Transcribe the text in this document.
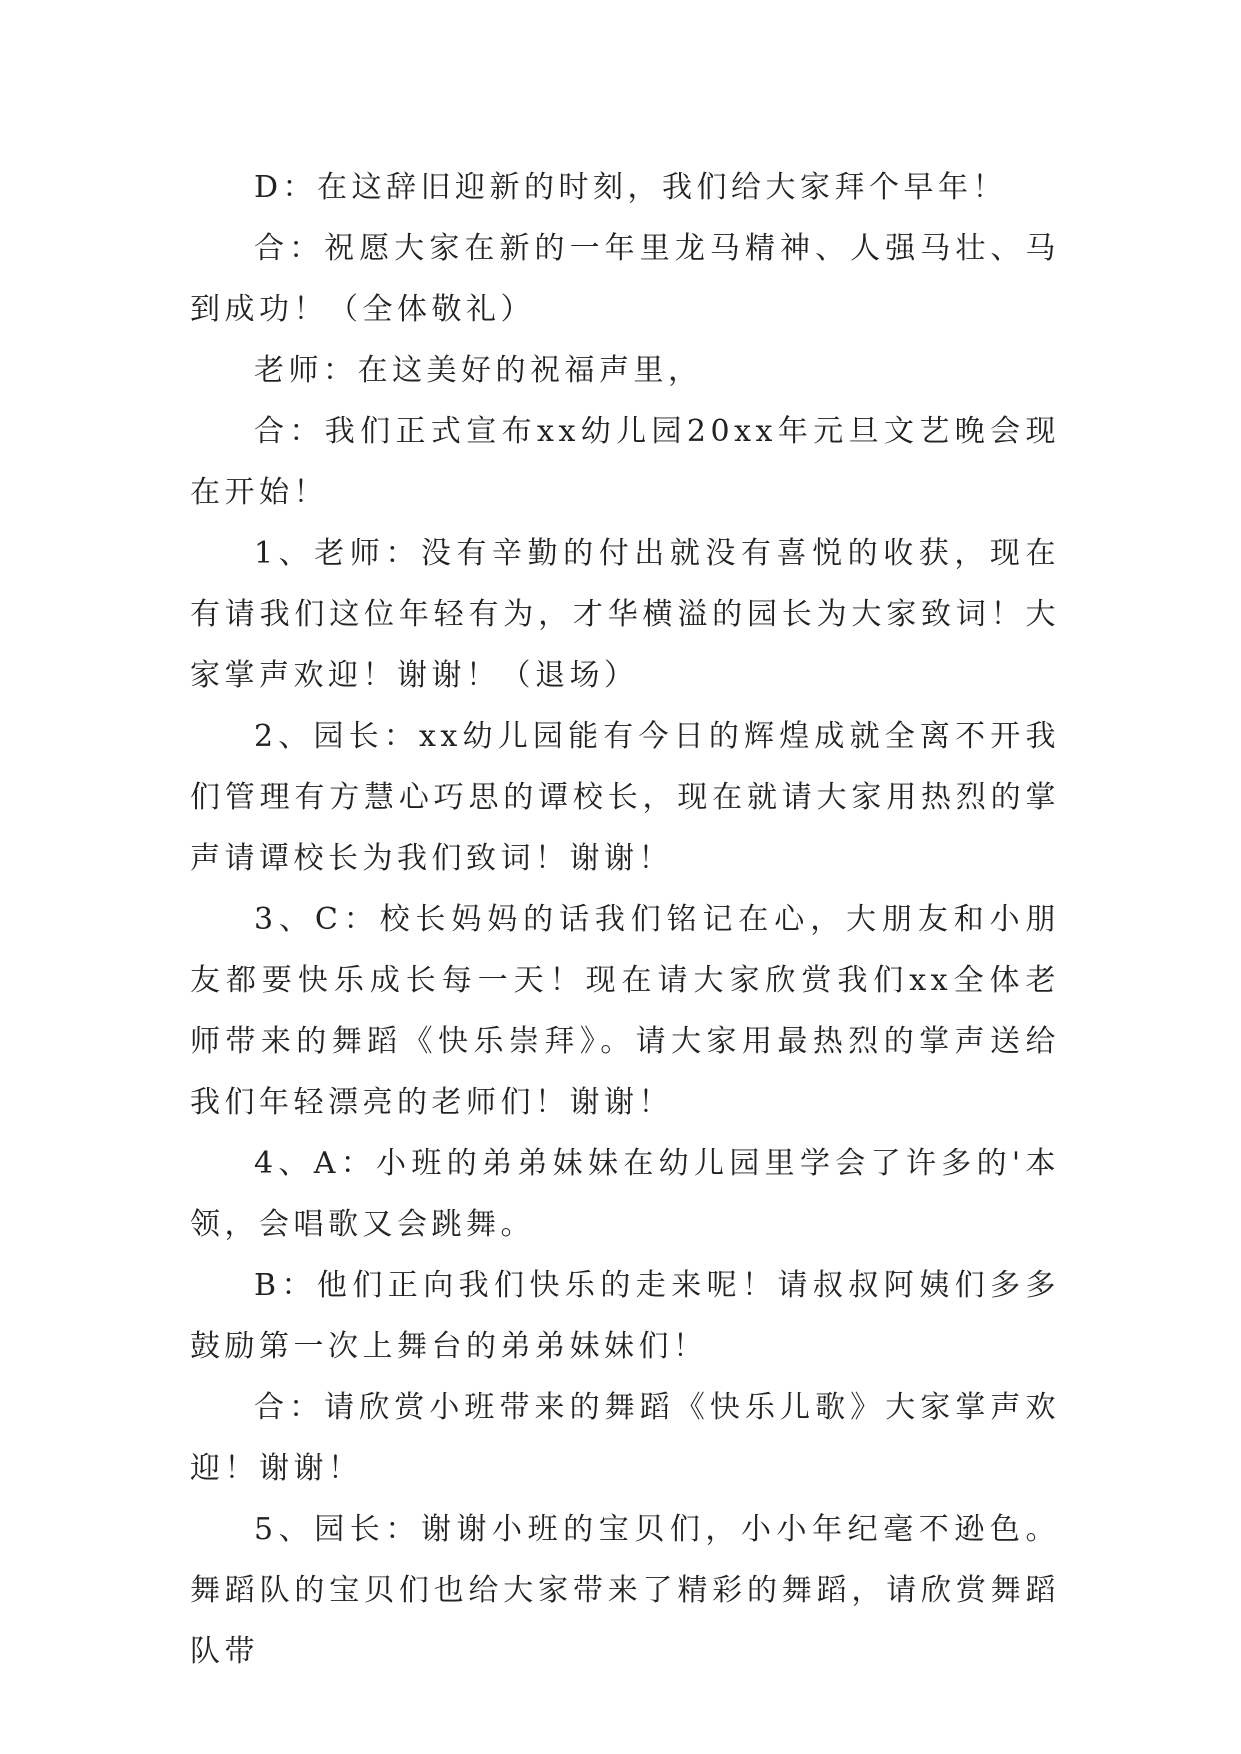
D：在这辞旧迎新的时刻，我们给大家拜个早年！

合：祝愿大家在新的一年里龙马精神、人强马壮、马到成功！（全体敬礼）

老师：在这美好的祝福声里，

合：我们正式宣布xx幼儿园20xx年元旦文艺晚会现在开始！

1、老师：没有辛勤的付出就没有喜悦的收获，现在有请我们这位年轻有为，才华横溢的园长为大家致词！大家掌声欢迎！谢谢！（退场）

2、园长：xx幼儿园能有今日的辉煌成就全离不开我们管理有方慧心巧思的谭校长，现在就请大家用热烈的掌声请谭校长为我们致词！谢谢！

3、C：校长妈妈的话我们铭记在心，大朋友和小朋友都要快乐成长每一天！现在请大家欣赏我们xx全体老师带来的舞蹈《快乐崇拜》。请大家用最热烈的掌声送给我们年轻漂亮的老师们！谢谢！

4、A：小班的弟弟妹妹在幼儿园里学会了许多的'本领，会唱歌又会跳舞。

B：他们正向我们快乐的走来呢！请叔叔阿姨们多多鼓励第一次上舞台的弟弟妹妹们！

合：请欣赏小班带来的舞蹈《快乐儿歌》大家掌声欢迎！谢谢！

5、园长：谢谢小班的宝贝们，小小年纪毫不逊色。舞蹈队的宝贝们也给大家带来了精彩的舞蹈，请欣赏舞蹈队带
